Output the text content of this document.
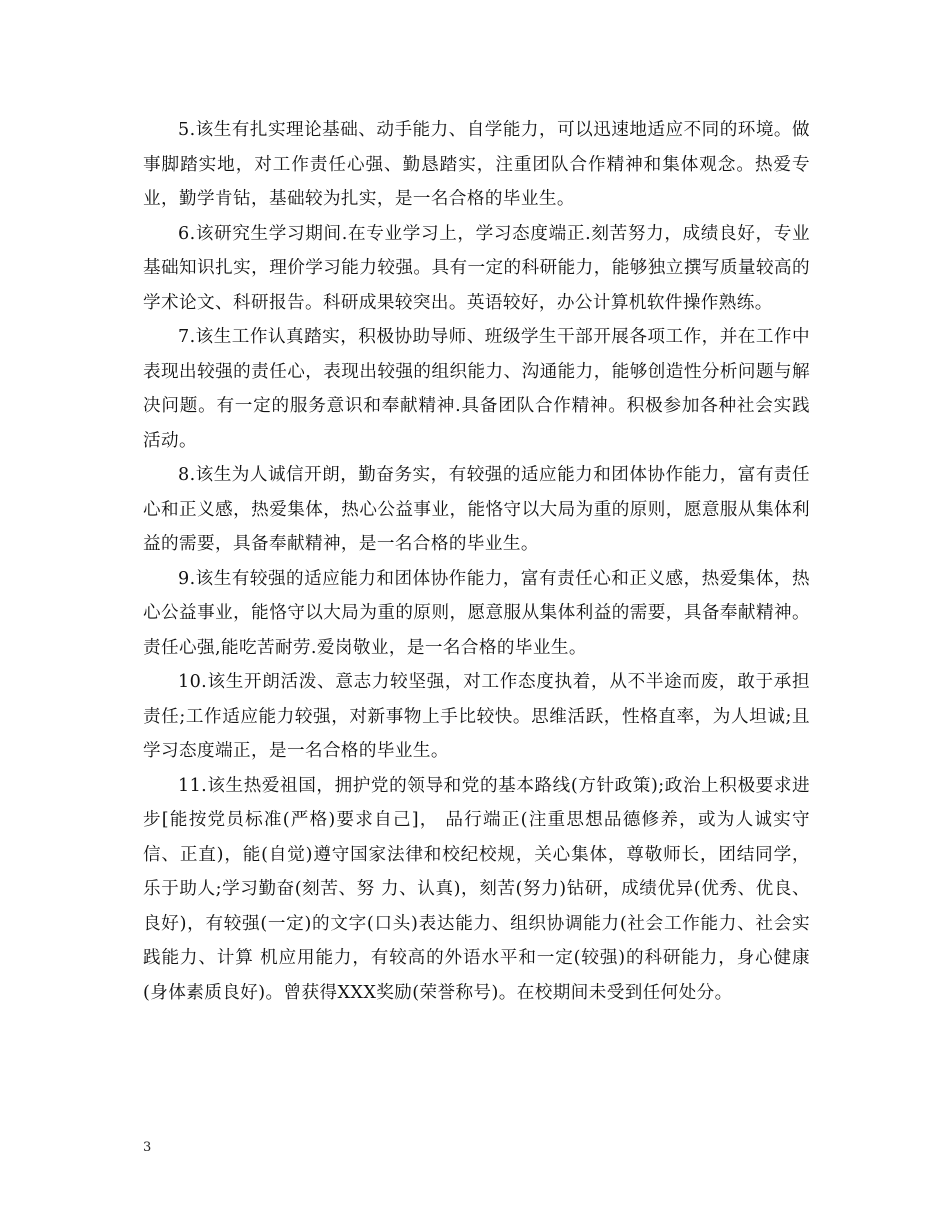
5.该生有扎实理论基础、动手能力、自学能力，可以迅速地适应不同的环境。做事脚踏实地，对工作责任心强、勤恳踏实，注重团队合作精神和集体观念。热爱专业，勤学肯钻，基础较为扎实，是一名合格的毕业生。

6.该研究生学习期间.在专业学习上，学习态度端正.刻苦努力，成绩良好，专业基础知识扎实，理价学习能力较强。具有一定的科研能力，能够独立撰写质量较高的学术论文、科研报告。科研成果较突出。英语较好，办公计算机软件操作熟练。

7.该生工作认真踏实，积极协助导师、班级学生干部开展各项工作，并在工作中表现出较强的责任心，表现出较强的组织能力、沟通能力，能够创造性分析问题与解决问题。有一定的服务意识和奉献精神.具备团队合作精神。积极参加各种社会实践活动。

8.该生为人诚信开朗，勤奋务实，有较强的适应能力和团体协作能力，富有责任心和正义感，热爱集体，热心公益事业，能恪守以大局为重的原则，愿意服从集体利益的需要，具备奉献精神，是一名合格的毕业生。

9.该生有较强的适应能力和团体协作能力，富有责任心和正义感，热爱集体，热心公益事业，能恪守以大局为重的原则，愿意服从集体利益的需要，具备奉献精神。责任心强,能吃苦耐劳.爱岗敬业，是一名合格的毕业生。

10.该生开朗活泼、意志力较坚强，对工作态度执着，从不半途而废，敢于承担责任;工作适应能力较强，对新事物上手比较快。思维活跃，性格直率，为人坦诚;且学习态度端正，是一名合格的毕业生。

11.该生热爱祖国，拥护党的领导和党的基本路线(方针政策);政治上积极要求进步[能按党员标准(严格)要求自己]， 品行端正(注重思想品德修养，或为人诚实守信、正直)，能(自觉)遵守国家法律和校纪校规，关心集体，尊敬师长，团结同学，乐于助人;学习勤奋(刻苦、努 力、认真)，刻苦(努力)钻研，成绩优异(优秀、优良、良好)，有较强(一定)的文字(口头)表达能力、组织协调能力(社会工作能力、社会实践能力、计算 机应用能力，有较高的外语水平和一定(较强)的科研能力，身心健康(身体素质良好)。曾获得XXX奖励(荣誉称号)。在校期间未受到任何处分。

3
